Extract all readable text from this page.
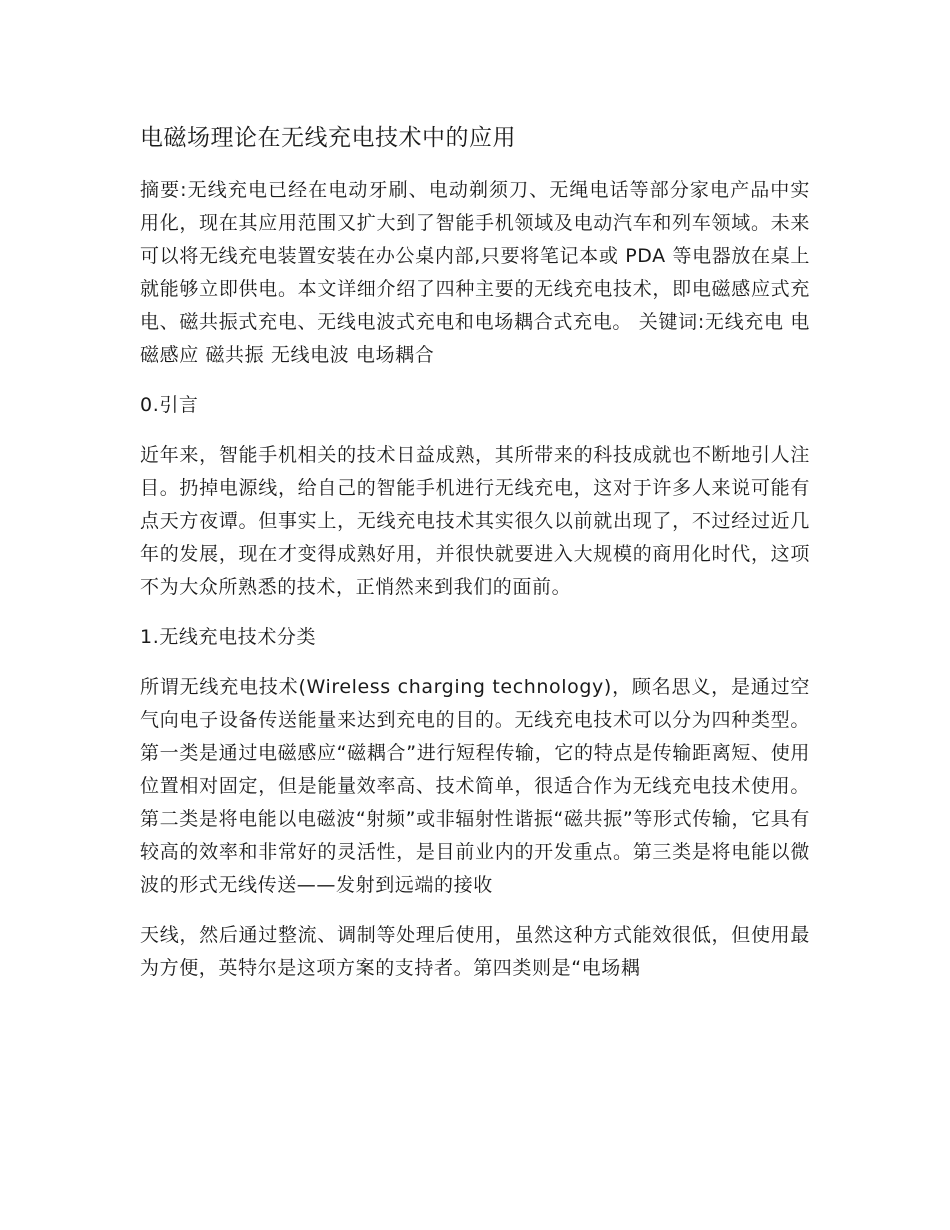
电磁场理论在无线充电技术中的应用

摘要:无线充电已经在电动牙刷、电动剃须刀、无绳电话等部分家电产品中实用化，现在其应用范围又扩大到了智能手机领域及电动汽车和列车领域。未来可以将无线充电装置安装在办公桌内部,只要将笔记本或 PDA 等电器放在桌上就能够立即供电。本文详细介绍了四种主要的无线充电技术，即电磁感应式充电、磁共振式充电、无线电波式充电和电场耦合式充电。 关键词:无线充电 电磁感应 磁共振 无线电波 电场耦合

0.引言

近年来，智能手机相关的技术日益成熟，其所带来的科技成就也不断地引人注目。扔掉电源线，给自己的智能手机进行无线充电，这对于许多人来说可能有点天方夜谭。但事实上，无线充电技术其实很久以前就出现了，不过经过近几年的发展，现在才变得成熟好用，并很快就要进入大规模的商用化时代，这项不为大众所熟悉的技术，正悄然来到我们的面前。

1.无线充电技术分类

所谓无线充电技术(Wireless charging technology)，顾名思义，是通过空气向电子设备传送能量来达到充电的目的。无线充电技术可以分为四种类型。第一类是通过电磁感应“磁耦合”进行短程传输，它的特点是传输距离短、使用位置相对固定，但是能量效率高、技术简单，很适合作为无线充电技术使用。第二类是将电能以电磁波“射频”或非辐射性谐振“磁共振”等形式传输，它具有较高的效率和非常好的灵活性，是目前业内的开发重点。第三类是将电能以微波的形式无线传送——发射到远端的接收

天线，然后通过整流、调制等处理后使用，虽然这种方式能效很低，但使用最为方便，英特尔是这项方案的支持者。第四类则是“电场耦
